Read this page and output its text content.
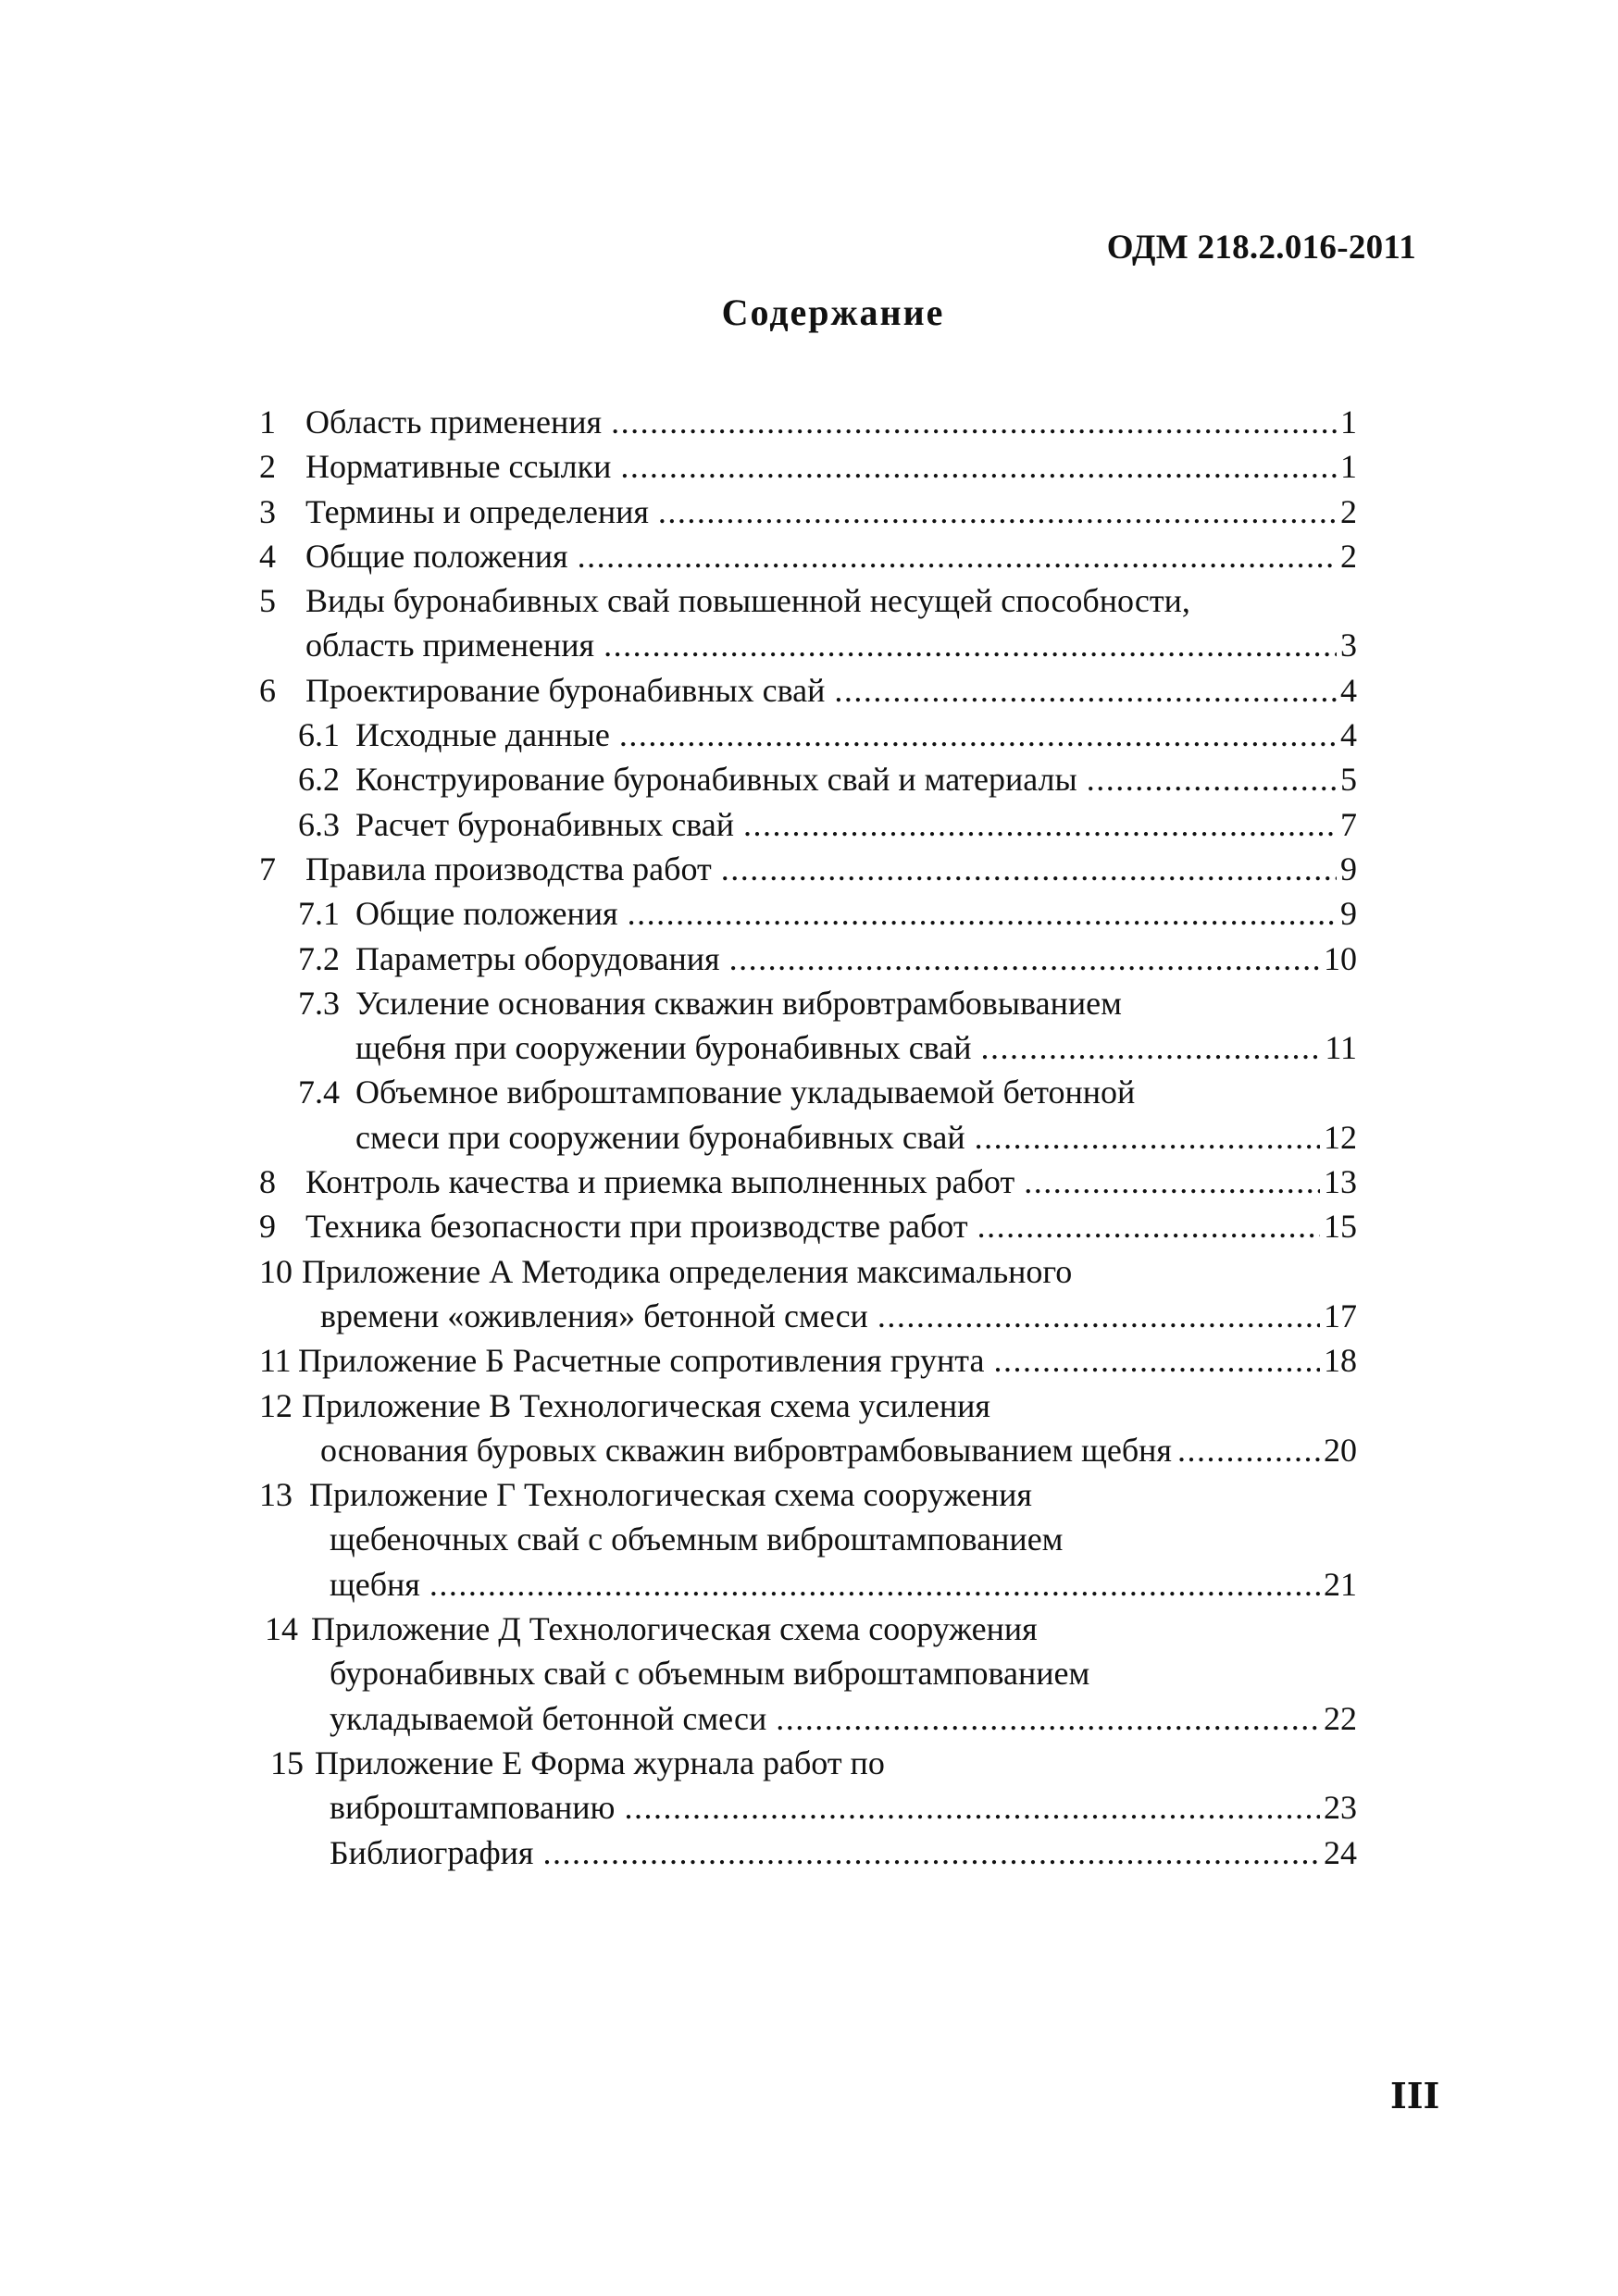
ОДМ 218.2.016-2011
Содержание
1 Область применения .....	1
2 Нормативные ссылки .....	1
3 Термины и определения .....	2
4 Общие положения .....	2
5 Виды буронабивных свай повышенной несущей способности,
область применения .....	3
6 Проектирование буронабивных свай .....	4
6.1 Исходные данные .....	4
6.2 Конструирование буронабивных свай и материалы .....	5
6.3 Расчет буронабивных свай .....	7
7 Правила производства работ .....	9
7.1 Общие положения .....	9
7.2 Параметры оборудования .....	10
7.3 Усиление основания скважин вибровтрамбовыванием
щебня при сооружении буронабивных свай .....	11
7.4 Объемное виброштампование укладываемой бетонной
смеси при сооружении буронабивных свай .....	12
8 Контроль качества и приемка выполненных работ .....	13
9 Техника безопасности при производстве работ .....	15
10 Приложение А Методика определения максимального
времени «оживления» бетонной смеси .....	17
11 Приложение Б Расчетные сопротивления грунта .....	18
12 Приложение В Технологическая схема усиления
основания буровых скважин вибровтрамбовыванием щебня .....	20
13 Приложение Г Технологическая схема сооружения
щебеночных свай с объемным виброштампованием
щебня .....	21
14 Приложение Д Технологическая схема сооружения
буронабивных свай с объемным виброштампованием
укладываемой бетонной смеси .....	22
15 Приложение Е Форма журнала работ по
виброштампованию .....	23
Библиография .....	24
III
